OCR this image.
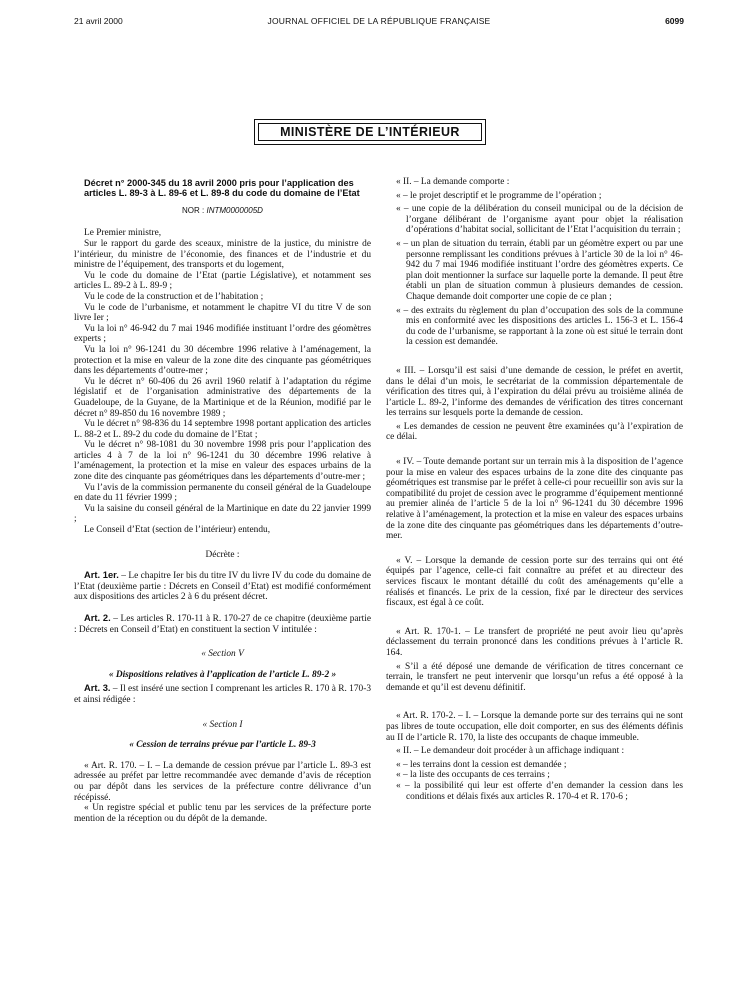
21 avril 2000	JOURNAL OFFICIEL DE LA RÉPUBLIQUE FRANÇAISE	6099
MINISTÈRE DE L’INTÉRIEUR

Décret n° 2000-345 du 18 avril 2000 pris pour l’application des articles L. 89-3 à L. 89-6 et L. 89-8 du code du domaine de l’Etat

NOR : INTM0000005D

Le Premier ministre,

Sur le rapport du garde des sceaux, ministre de la justice, du ministre de l’intérieur, du ministre de l’économie, des finances et de l’industrie et du ministre de l’équipement, des transports et du logement,

Vu le code du domaine de l’Etat (partie Législative), et notamment ses articles L. 89-2 à L. 89-9 ;

Vu le code de la construction et de l’habitation ;

Vu le code de l’urbanisme, et notamment le chapitre VI du titre V de son livre Ier ;

Vu la loi n° 46-942 du 7 mai 1946 modifiée instituant l’ordre des géomètres experts ;

Vu la loi n° 96-1241 du 30 décembre 1996 relative à l’aménagement, la protection et la mise en valeur de la zone dite des cinquante pas géométriques dans les départements d’outre-mer ;

Vu le décret n° 60-406 du 26 avril 1960 relatif à l’adaptation du régime législatif et de l’organisation administrative des départements de la Guadeloupe, de la Guyane, de la Martinique et de la Réunion, modifié par le décret n° 89-850 du 16 novembre 1989 ;

Vu le décret n° 98-836 du 14 septembre 1998 portant application des articles L. 88-2 et L. 89-2 du code du domaine de l’Etat ;

Vu le décret n° 98-1081 du 30 novembre 1998 pris pour l’application des articles 4 à 7 de la loi n° 96-1241 du 30 décembre 1996 relative à l’aménagement, la protection et la mise en valeur des espaces urbains de la zone dite des cinquante pas géométriques dans les départements d’outre-mer ;

Vu l’avis de la commission permanente du conseil général de la Guadeloupe en date du 11 février 1999 ;

Vu la saisine du conseil général de la Martinique en date du 22 janvier 1999 ;

Le Conseil d’Etat (section de l’intérieur) entendu,

Décrète :

Art. 1er. – Le chapitre Ier bis du titre IV du livre IV du code du domaine de l’Etat (deuxième partie : Décrets en Conseil d’Etat) est modifié conformément aux dispositions des articles 2 à 6 du présent décret.

Art. 2. – Les articles R. 170-11 à R. 170-27 de ce chapitre (deuxième partie : Décrets en Conseil d’Etat) en constituent la section V intitulée :

« Section V

« Dispositions relatives à l’application de l’article L. 89-2 »

Art. 3. – Il est inséré une section I comprenant les articles R. 170 à R. 170-3 et ainsi rédigée :

« Section I

« Cession de terrains prévue par l’article L. 89-3

« Art. R. 170. – I. – La demande de cession prévue par l’article L. 89-3 est adressée au préfet par lettre recommandée avec demande d’avis de réception ou par dépôt dans les services de la préfecture contre délivrance d’un récépissé.

« Un registre spécial et public tenu par les services de la préfecture porte mention de la réception ou du dépôt de la demande.

« II. – La demande comporte :

« – le projet descriptif et le programme de l’opération ;

« – une copie de la délibération du conseil municipal ou de la décision de l’organe délibérant de l’organisme ayant pour objet la réalisation d’opérations d’habitat social, sollicitant de l’Etat l’acquisition du terrain ;

« – un plan de situation du terrain, établi par un géomètre expert ou par une personne remplissant les conditions prévues à l’article 30 de la loi n° 46-942 du 7 mai 1946 modifiée instituant l’ordre des géomètres experts. Ce plan doit mentionner la surface sur laquelle porte la demande. Il peut être établi un plan de situation commun à plusieurs demandes de cession. Chaque demande doit comporter une copie de ce plan ;

« – des extraits du règlement du plan d’occupation des sols de la commune mis en conformité avec les dispositions des articles L. 156-3 et L. 156-4 du code de l’urbanisme, se rapportant à la zone où est situé le terrain dont la cession est demandée.

« III. – Lorsqu’il est saisi d’une demande de cession, le préfet en avertit, dans le délai d’un mois, le secrétariat de la commission départementale de vérification des titres qui, à l’expiration du délai prévu au troisième alinéa de l’article L. 89-2, l’informe des demandes de vérification des titres concernant les terrains sur lesquels porte la demande de cession.

« Les demandes de cession ne peuvent être examinées qu’à l’expiration de ce délai.

« IV. – Toute demande portant sur un terrain mis à la disposition de l’agence pour la mise en valeur des espaces urbains de la zone dite des cinquante pas géométriques est transmise par le préfet à celle-ci pour recueillir son avis sur la compatibilité du projet de cession avec le programme d’équipement mentionné au premier alinéa de l’article 5 de la loi n° 96-1241 du 30 décembre 1996 relative à l’aménagement, la protection et la mise en valeur des espaces urbains de la zone dite des cinquante pas géométriques dans les départements d’outre-mer.

« V. – Lorsque la demande de cession porte sur des terrains qui ont été équipés par l’agence, celle-ci fait connaître au préfet et au directeur des services fiscaux le montant détaillé du coût des aménagements qu’elle a réalisés et financés. Le prix de la cession, fixé par le directeur des services fiscaux, est égal à ce coût.

« Art. R. 170-1. – Le transfert de propriété ne peut avoir lieu qu’après déclassement du terrain prononcé dans les conditions prévues à l’article R. 164.

« S’il a été déposé une demande de vérification de titres concernant ce terrain, le transfert ne peut intervenir que lorsqu’un refus a été opposé à la demande et qu’il est devenu définitif.

« Art. R. 170-2. – I. – Lorsque la demande porte sur des terrains qui ne sont pas libres de toute occupation, elle doit comporter, en sus des éléments définis au II de l’article R. 170, la liste des occupants de chaque immeuble.

« II. – Le demandeur doit procéder à un affichage indiquant :

« – les terrains dont la cession est demandée ;

« – la liste des occupants de ces terrains ;

« – la possibilité qui leur est offerte d’en demander la cession dans les conditions et délais fixés aux articles R. 170-4 et R. 170-6 ;
